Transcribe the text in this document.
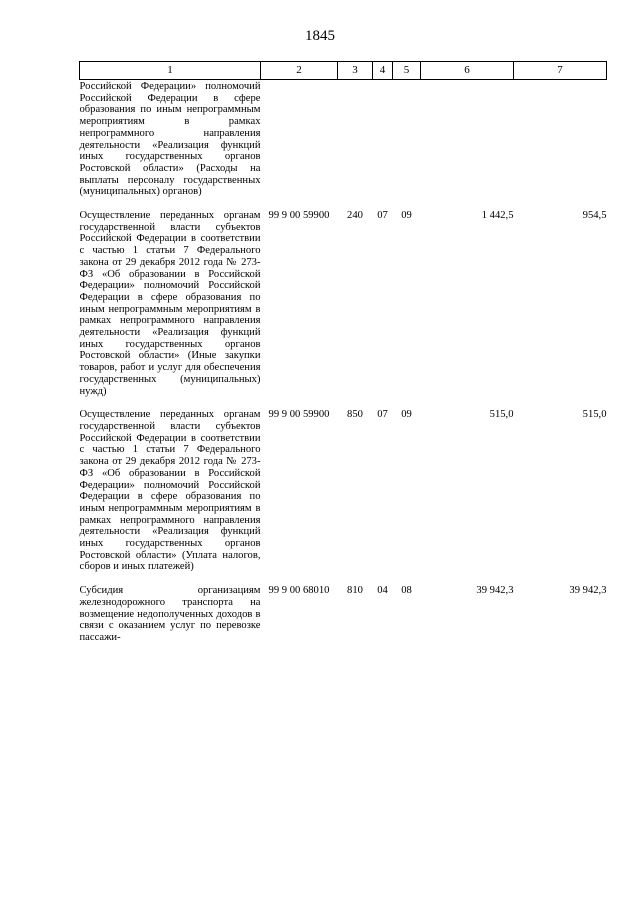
1845
1	2	3	4	5	6	7
Российской Федерации» полномочий Российской Федерации в сфере образования по иным непрограммным мероприятиям в рамках непрограммного направления деятельности «Реализация функций иных государственных органов Ростовской области» (Расходы на выплаты персоналу государственных (муниципальных) органов)						
Осуществление переданных органам государственной власти субъектов Российской Федерации в соответствии с частью 1 статьи 7 Федерального закона от 29 декабря 2012 года № 273-ФЗ «Об образовании в Российской Федерации» полномочий Российской Федерации в сфере образования по иным непрограммным мероприятиям в рамках непрограммного направления деятельности «Реализация функций иных государственных органов Ростовской области» (Иные закупки товаров, работ и услуг для обеспечения государственных (муниципальных) нужд)	99 9 00 59900	240	07	09	1 442,5	954,5
Осуществление переданных органам государственной власти субъектов Российской Федерации в соответствии с частью 1 статьи 7 Федерального закона от 29 декабря 2012 года № 273-ФЗ «Об образовании в Российской Федерации» полномочий Российской Федерации в сфере образования по иным непрограммным мероприятиям в рамках непрограммного направления деятельности «Реализация функций иных государственных органов Ростовской области» (Уплата налогов, сборов и иных платежей)	99 9 00 59900	850	07	09	515,0	515,0
Субсидия организациям железнодорожного транспорта на возмещение недополученных доходов в связи с оказанием услуг по перевозке пассажи-	99 9 00 68010	810	04	08	39 942,3	39 942,3
